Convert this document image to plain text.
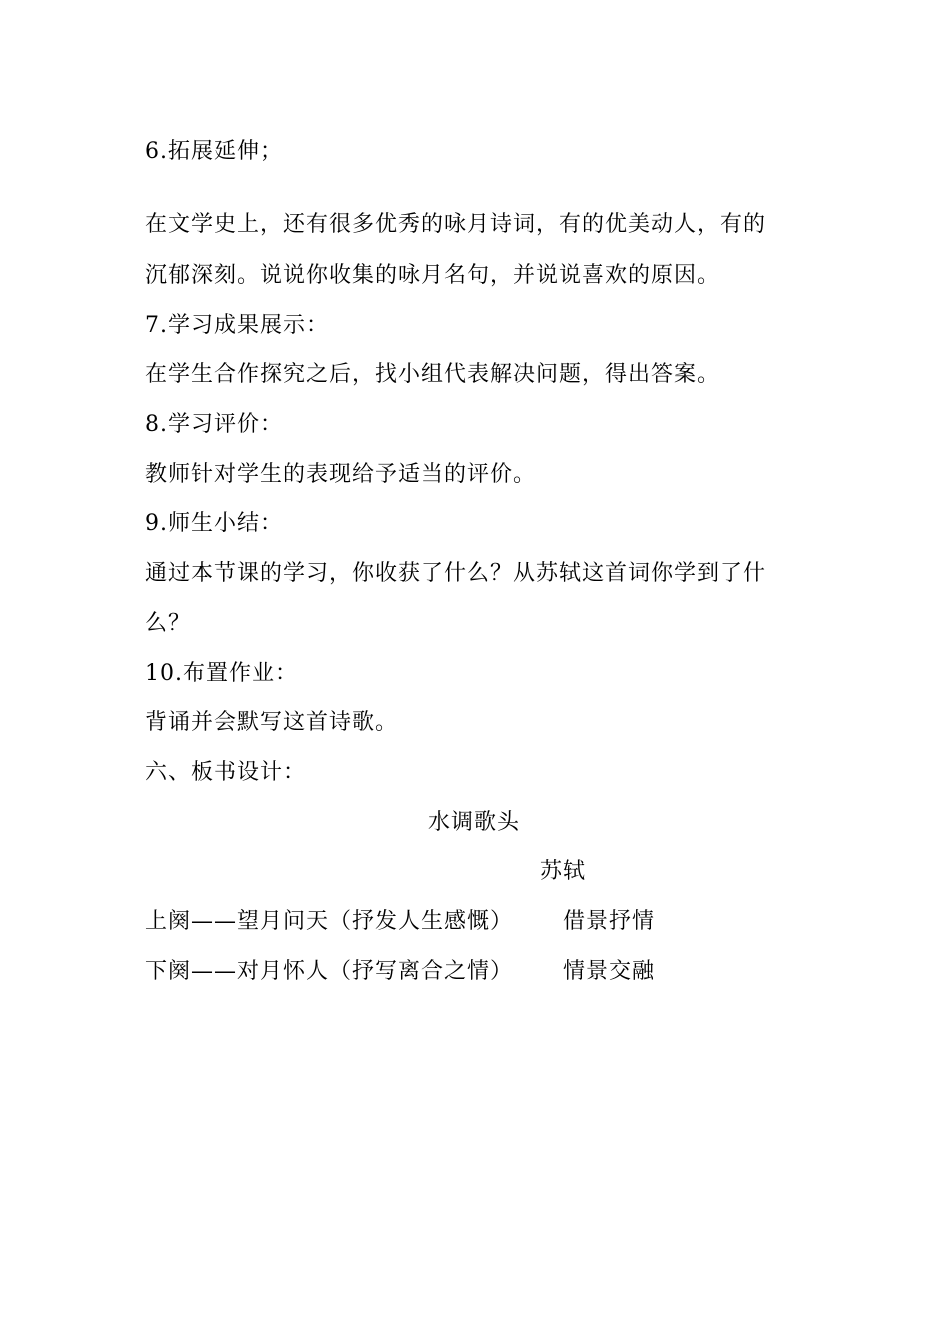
6.拓展延伸；
在文学史上，还有很多优秀的咏月诗词，有的优美动人，有的
沉郁深刻。说说你收集的咏月名句，并说说喜欢的原因。
7.学习成果展示：
在学生合作探究之后，找小组代表解决问题，得出答案。
8.学习评价：
教师针对学生的表现给予适当的评价。
9.师生小结：
通过本节课的学习，你收获了什么？从苏轼这首词你学到了什
么？
10.布置作业：
背诵并会默写这首诗歌。
六、板书设计：
水调歌头
苏轼
上阕——望月问天（抒发人生感慨） 借景抒情
下阕——对月怀人（抒写离合之情） 情景交融
